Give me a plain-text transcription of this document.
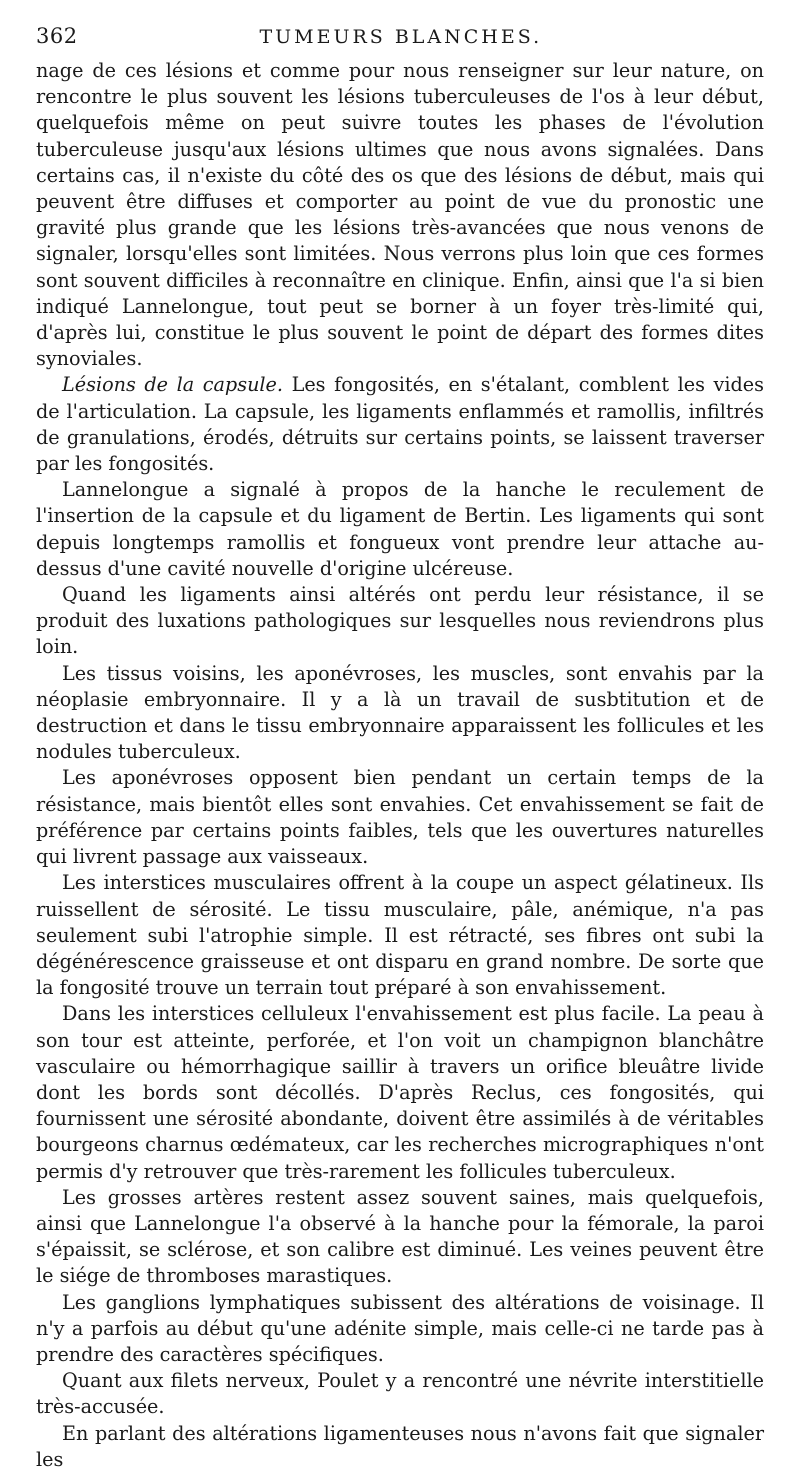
362	TUMEURS BLANCHES.

nage de ces lésions et comme pour nous renseigner sur leur nature, on rencontre le plus souvent les lésions tuberculeuses de l'os à leur début, quelquefois même on peut suivre toutes les phases de l'évolution tuberculeuse jusqu'aux lésions ultimes que nous avons signalées. Dans certains cas, il n'existe du côté des os que des lésions de début, mais qui peuvent être diffuses et comporter au point de vue du pronostic une gravité plus grande que les lésions très-avancées que nous venons de signaler, lorsqu'elles sont limitées. Nous verrons plus loin que ces formes sont souvent difficiles à reconnaître en clinique. Enfin, ainsi que l'a si bien indiqué Lannelongue, tout peut se borner à un foyer très-limité qui, d'après lui, constitue le plus souvent le point de départ des formes dites synoviales.

Lésions de la capsule. Les fongosités, en s'étalant, comblent les vides de l'articulation. La capsule, les ligaments enflammés et ramollis, infiltrés de granulations, érodés, détruits sur certains points, se laissent traverser par les fongosités.

Lannelongue a signalé à propos de la hanche le reculement de l'insertion de la capsule et du ligament de Bertin. Les ligaments qui sont depuis longtemps ramollis et fongueux vont prendre leur attache au-dessus d'une cavité nouvelle d'origine ulcéreuse.

Quand les ligaments ainsi altérés ont perdu leur résistance, il se produit des luxations pathologiques sur lesquelles nous reviendrons plus loin.

Les tissus voisins, les aponévroses, les muscles, sont envahis par la néoplasie embryonnaire. Il y a là un travail de susbtitution et de destruction et dans le tissu embryonnaire apparaissent les follicules et les nodules tuberculeux.

Les aponévroses opposent bien pendant un certain temps de la résistance, mais bientôt elles sont envahies. Cet envahissement se fait de préférence par certains points faibles, tels que les ouvertures naturelles qui livrent passage aux vaisseaux.

Les interstices musculaires offrent à la coupe un aspect gélatineux. Ils ruissellent de sérosité. Le tissu musculaire, pâle, anémique, n'a pas seulement subi l'atrophie simple. Il est rétracté, ses fibres ont subi la dégénérescence graisseuse et ont disparu en grand nombre. De sorte que la fongosité trouve un terrain tout préparé à son envahissement.

Dans les interstices celluleux l'envahissement est plus facile. La peau à son tour est atteinte, perforée, et l'on voit un champignon blanchâtre vasculaire ou hémorrhagique saillir à travers un orifice bleuâtre livide dont les bords sont décollés. D'après Reclus, ces fongosités, qui fournissent une sérosité abondante, doivent être assimilés à de véritables bourgeons charnus œdémateux, car les recherches micrographiques n'ont permis d'y retrouver que très-rarement les follicules tuberculeux.

Les grosses artères restent assez souvent saines, mais quelquefois, ainsi que Lannelongue l'a observé à la hanche pour la fémorale, la paroi s'épaissit, se sclérose, et son calibre est diminué. Les veines peuvent être le siége de thromboses marastiques.

Les ganglions lymphatiques subissent des altérations de voisinage. Il n'y a parfois au début qu'une adénite simple, mais celle-ci ne tarde pas à prendre des caractères spécifiques.

Quant aux filets nerveux, Poulet y a rencontré une névrite interstitielle très-accusée.

En parlant des altérations ligamenteuses nous n'avons fait que signaler les
